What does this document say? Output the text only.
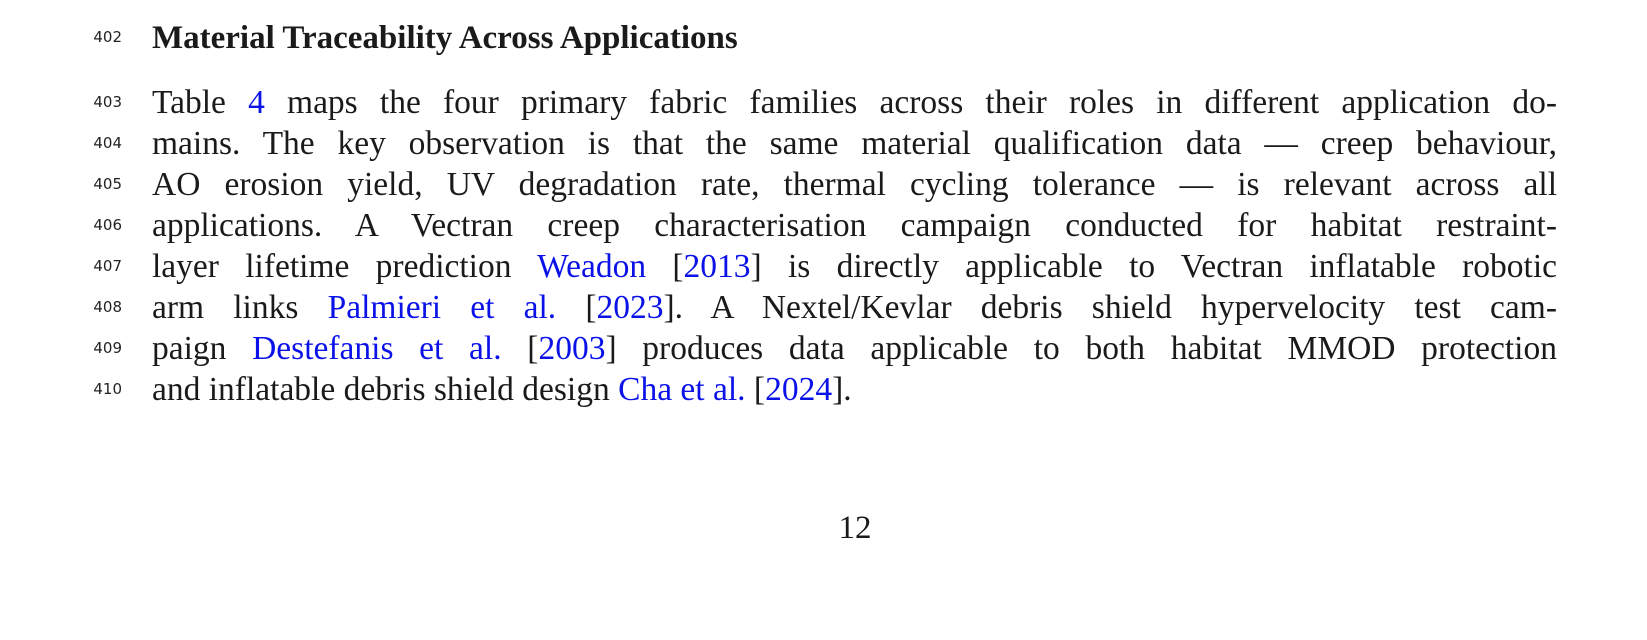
402 Material Traceability Across Applications
403 Table 4 maps the four primary fabric families across their roles in different application do-
404 mains. The key observation is that the same material qualification data — creep behaviour,
405 AO erosion yield, UV degradation rate, thermal cycling tolerance — is relevant across all
406 applications. A Vectran creep characterisation campaign conducted for habitat restraint-
407 layer lifetime prediction Weadon [2013] is directly applicable to Vectran inflatable robotic
408 arm links Palmieri et al. [2023]. A Nextel/Kevlar debris shield hypervelocity test cam-
409 paign Destefanis et al. [2003] produces data applicable to both habitat MMOD protection
410 and inflatable debris shield design Cha et al. [2024].
12
